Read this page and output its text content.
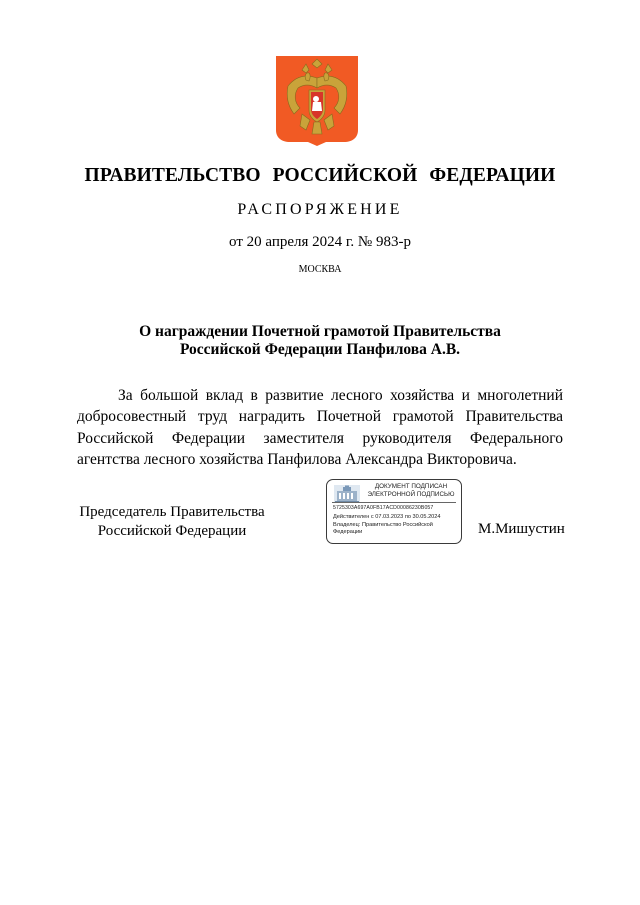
ПРАВИТЕЛЬСТВО РОССИЙСКОЙ ФЕДЕРАЦИИ
РАСПОРЯЖЕНИЕ
от 20 апреля 2024 г. № 983-р
МОСКВА
О награждении Почетной грамотой Правительства
Российской Федерации Панфилова А.В.

За большой вклад в развитие лесного хозяйства и многолетний добросовестный труд наградить Почетной грамотой Правительства Российской Федерации заместителя руководителя Федерального агентства лесного хозяйства Панфилова Александра Викторовича.

Председатель Правительства
Российской Федерации
ДОКУМЕНТ ПОДПИСАН
ЭЛЕКТРОННОЙ ПОДПИСЬЮ
5725303A697A0FB17ACD00086230B057
Действителен с 07.03.2023 по 30.05.2024
Владелец: Правительство Российской Федерации	М.Мишустин
